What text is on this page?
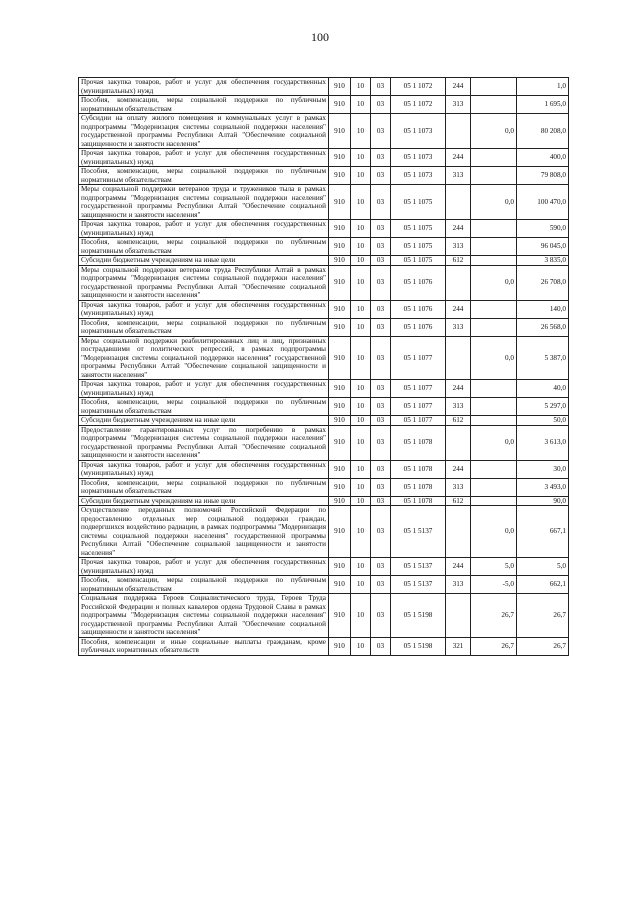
100
Прочая закупка товаров, работ и услуг для обеспечения государственных (муниципальных) нужд	910	10	03	05 1 1072	244		1,0
Пособия, компенсации, меры социальной поддержки по публичным нормативным обязательствам	910	10	03	05 1 1072	313		1 695,0
Субсидии на оплату жилого помещения и коммунальных услуг в рамках подпрограммы "Модернизация системы социальной поддержки населения" государственной программы Республики Алтай "Обеспечение социальной защищенности и занятости населения"	910	10	03	05 1 1073		0,0	80 208,0
Прочая закупка товаров, работ и услуг для обеспечения государственных (муниципальных) нужд	910	10	03	05 1 1073	244		400,0
Пособия, компенсации, меры социальной поддержки по публичным нормативным обязательствам	910	10	03	05 1 1073	313		79 808,0
Меры социальной поддержки ветеранов труда и тружеников тыла в рамках подпрограммы "Модернизация системы социальной поддержки населения" государственной программы Республики Алтай "Обеспечение социальной защищенности и занятости населения"	910	10	03	05 1 1075		0,0	100 470,0
Прочая закупка товаров, работ и услуг для обеспечения государственных (муниципальных) нужд	910	10	03	05 1 1075	244		590,0
Пособия, компенсации, меры социальной поддержки по публичным нормативным обязательствам	910	10	03	05 1 1075	313		96 045,0
Субсидии бюджетным учреждениям на иные цели	910	10	03	05 1 1075	612		3 835,0
Меры социальной поддержки ветеранов труда Республики Алтай в рамках подпрограммы "Модернизация системы социальной поддержки населения" государственной программы Республики Алтай "Обеспечение социальной защищенности и занятости населения"	910	10	03	05 1 1076		0,0	26 708,0
Прочая закупка товаров, работ и услуг для обеспечения государственных (муниципальных) нужд	910	10	03	05 1 1076	244		140,0
Пособия, компенсации, меры социальной поддержки по публичным нормативным обязательствам	910	10	03	05 1 1076	313		26 568,0
Меры социальной поддержки реабилитированных лиц и лиц, признанных пострадавшими от политических репрессий, в рамках подпрограммы "Модернизация системы социальной поддержки населения" государственной программы Республики Алтай "Обеспечение социальной защищенности и занятости населения"	910	10	03	05 1 1077		0,0	5 387,0
Прочая закупка товаров, работ и услуг для обеспечения государственных (муниципальных) нужд	910	10	03	05 1 1077	244		40,0
Пособия, компенсации, меры социальной поддержки по публичным нормативным обязательствам	910	10	03	05 1 1077	313		5 297,0
Субсидии бюджетным учреждениям на иные цели	910	10	03	05 1 1077	612		50,0
Предоставление гарантированных услуг по погребению в рамках подпрограммы "Модернизация системы социальной поддержки населения" государственной программы Республики Алтай "Обеспечение социальной защищенности и занятости населения"	910	10	03	05 1 1078		0,0	3 613,0
Прочая закупка товаров, работ и услуг для обеспечения государственных (муниципальных) нужд	910	10	03	05 1 1078	244		30,0
Пособия, компенсации, меры социальной поддержки по публичным нормативным обязательствам	910	10	03	05 1 1078	313		3 493,0
Субсидии бюджетным учреждениям на иные цели	910	10	03	05 1 1078	612		90,0
Осуществление переданных полномочий Российской Федерации по предоставлению отдельных мер социальной поддержки граждан, подвергшихся воздействию радиации, в рамках подпрограммы "Модернизация системы социальной поддержки населения" государственной программы Республики Алтай "Обеспечение социальной защищенности и занятости населения"	910	10	03	05 1 5137		0,0	667,1
Прочая закупка товаров, работ и услуг для обеспечения государственных (муниципальных) нужд	910	10	03	05 1 5137	244	5,0	5,0
Пособия, компенсации, меры социальной поддержки по публичным нормативным обязательствам	910	10	03	05 1 5137	313	-5,0	662,1
Социальная поддержка Героев Социалистического труда, Героев Труда Российской Федерации и полных кавалеров ордена Трудовой Славы в рамках подпрограммы "Модернизация системы социальной поддержки населения" государственной программы Республики Алтай "Обеспечение социальной защищенности и занятости населения"	910	10	03	05 1 5198		26,7	26,7
Пособия, компенсации и иные социальные выплаты гражданам, кроме публичных нормативных обязательств	910	10	03	05 1 5198	321	26,7	26,7
